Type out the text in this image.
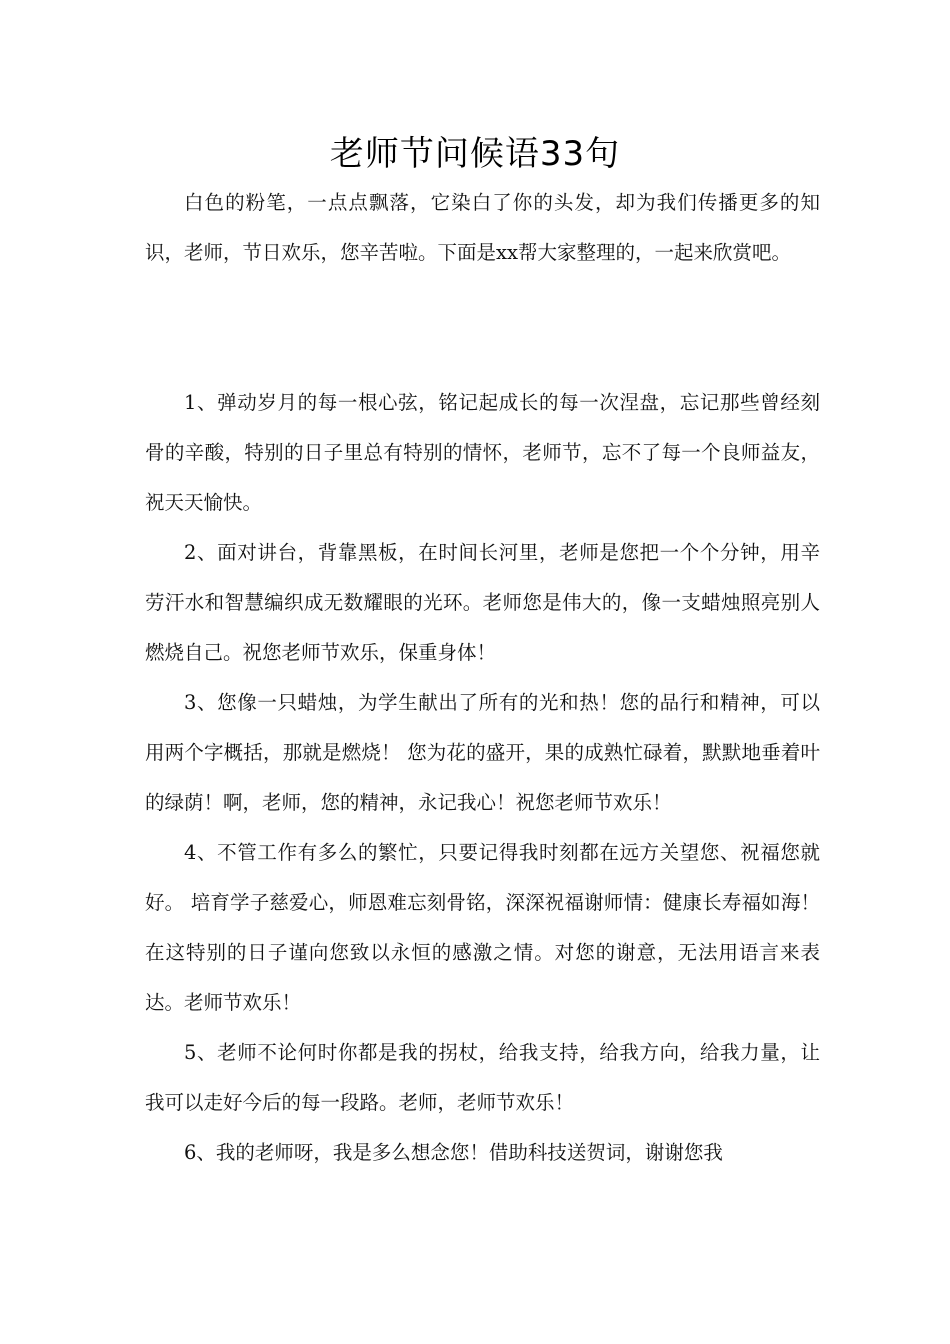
老师节问候语33句

白色的粉笔，一点点飘落，它染白了你的头发，却为我们传播更多的知识，老师，节日欢乐，您辛苦啦。下面是xx帮大家整理的，一起来欣赏吧。

1、弹动岁月的每一根心弦，铭记起成长的每一次涅盘，忘记那些曾经刻骨的辛酸，特别的日子里总有特别的情怀，老师节，忘不了每一个良师益友，祝天天愉快。

2、面对讲台，背靠黑板，在时间长河里，老师是您把一个个分钟，用辛劳汗水和智慧编织成无数耀眼的光环。老师您是伟大的，像一支蜡烛照亮别人燃烧自己。祝您老师节欢乐，保重身体！

3、您像一只蜡烛，为学生献出了所有的光和热！您的品行和精神，可以用两个字概括，那就是燃烧！ 您为花的盛开，果的成熟忙碌着，默默地垂着叶的绿荫！啊，老师，您的精神，永记我心！祝您老师节欢乐！

4、不管工作有多么的繁忙，只要记得我时刻都在远方关望您、祝福您就好。 培育学子慈爱心，师恩难忘刻骨铭，深深祝福谢师情：健康长寿福如海！在这特别的日子谨向您致以永恒的感激之情。对您的谢意，无法用语言来表达。老师节欢乐！

5、老师不论何时你都是我的拐杖，给我支持，给我方向，给我力量，让我可以走好今后的每一段路。老师，老师节欢乐！

6、我的老师呀，我是多么想念您！借助科技送贺词，谢谢您我
